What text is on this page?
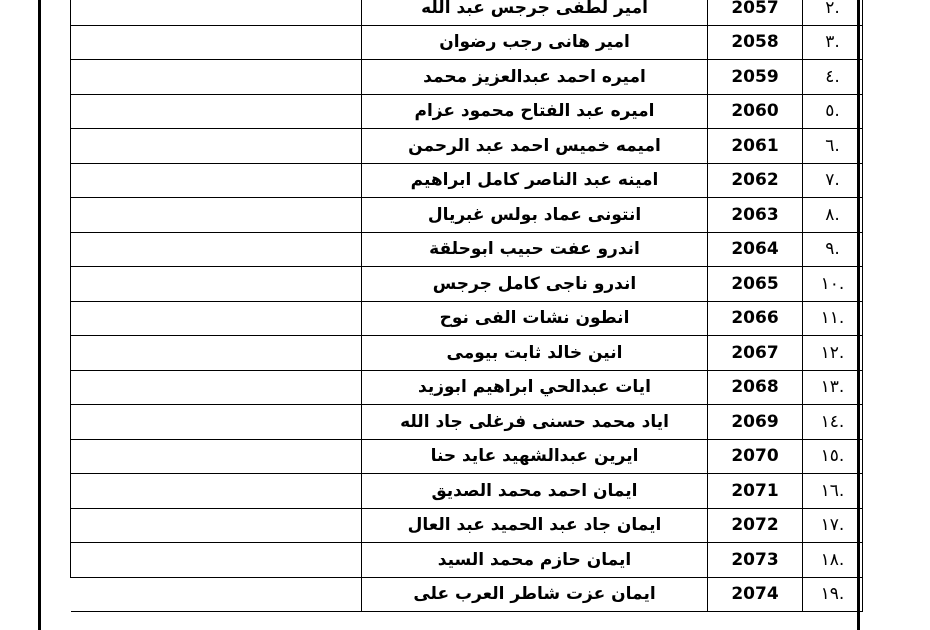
	امير لطفى جرجس عبد الله	2057	.٢
	امير هانى رجب رضوان	2058	.٣
	اميره احمد عبدالعزيز محمد	2059	.٤
	اميره عبد الفتاح محمود عزام	2060	.٥
	اميمه خميس احمد عبد الرحمن	2061	.٦
	امينه عبد الناصر كامل ابراهيم	2062	.٧
	انتونى عماد بولس غبريال	2063	.٨
	اندرو عفت حبيب ابوحلقة	2064	.٩
	اندرو ناجى كامل جرجس	2065	.١٠
	انطون نشات الفى نوح	2066	.١١
	انين خالد ثابت بيومى	2067	.١٢
	ايات عبدالحي ابراهيم ابوزيد	2068	.١٣
	اياد محمد حسنى فرغلى جاد الله	2069	.١٤
	ايرين عبدالشهيد عايد حنا	2070	.١٥
	ايمان احمد محمد الصديق	2071	.١٦
	ايمان جاد عبد الحميد عبد العال	2072	.١٧
	ايمان حازم محمد السيد	2073	.١٨
	ايمان عزت شاطر العرب على	2074	.١٩
